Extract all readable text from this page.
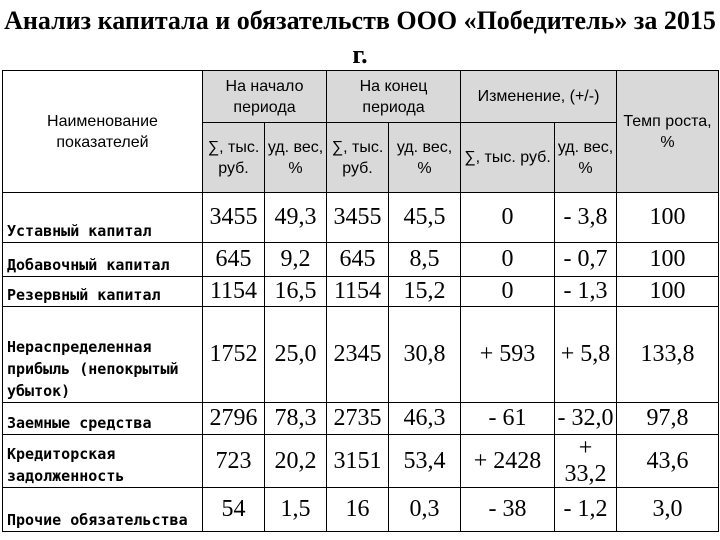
Анализ капитала и обязательств ООО «Победитель» за 2015 г.
Наименование показателей	На начало периода		На конец периода		Изменение, (+/-)		Темп роста, %
	∑, тыс. руб.	уд. вес, %	∑, тыс. руб.	уд. вес, %	∑, тыс. руб.	уд. вес, %	
Уставный капитал	3455	49,3	3455	45,5	0	- 3,8	100
Добавочный капитал	645	9,2	645	8,5	0	- 0,7	100
Резервный капитал	1154	16,5	1154	15,2	0	- 1,3	100
Нераспределенная прибыль (непокрытый убыток)	1752	25,0	2345	30,8	+ 593	+ 5,8	133,8
Заемные средства	2796	78,3	2735	46,3	- 61	- 32,0	97,8
Кредиторская задолженность	723	20,2	3151	53,4	+ 2428	+ 33,2	43,6
Прочие обязательства	54	1,5	16	0,3	- 38	- 1,2	3,0
